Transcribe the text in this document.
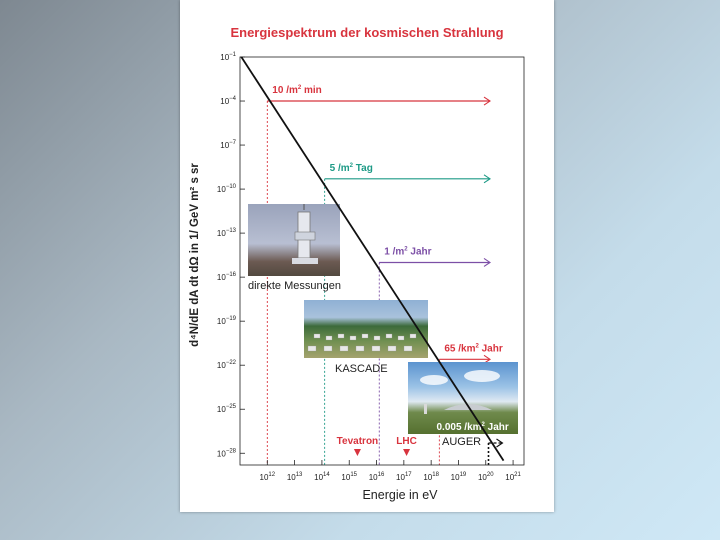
Energiespektrum der kosmischen Strahlung
10 $/m^2$ min
5 $/m^2$ Tag
1 $/m^2$ Jahr
65 $/km^2$ Jahr
$10^{-1}$
$10^{-4}$
$10^{-7}$
$10^{-10}$
$10^{-13}$
$10^{-16}$
$10^{-19}$
$10^{-22}$
$10^{-25}$
$10^{-28}$
$10^{12}$ $10^{13}$ $10^{14}$ $10^{15}$ $10^{16}$ $10^{17}$ $10^{18}$ $10^{19}$ $10^{20}$ $10^{21}$
Tevatron LHC
direkte Messungen
KASCADE
AUGER
0.005 $/km^2$ Jahr
Energie in eV
d⁴N/dE dA dt dΩ in 1/ GeV m² s sr
